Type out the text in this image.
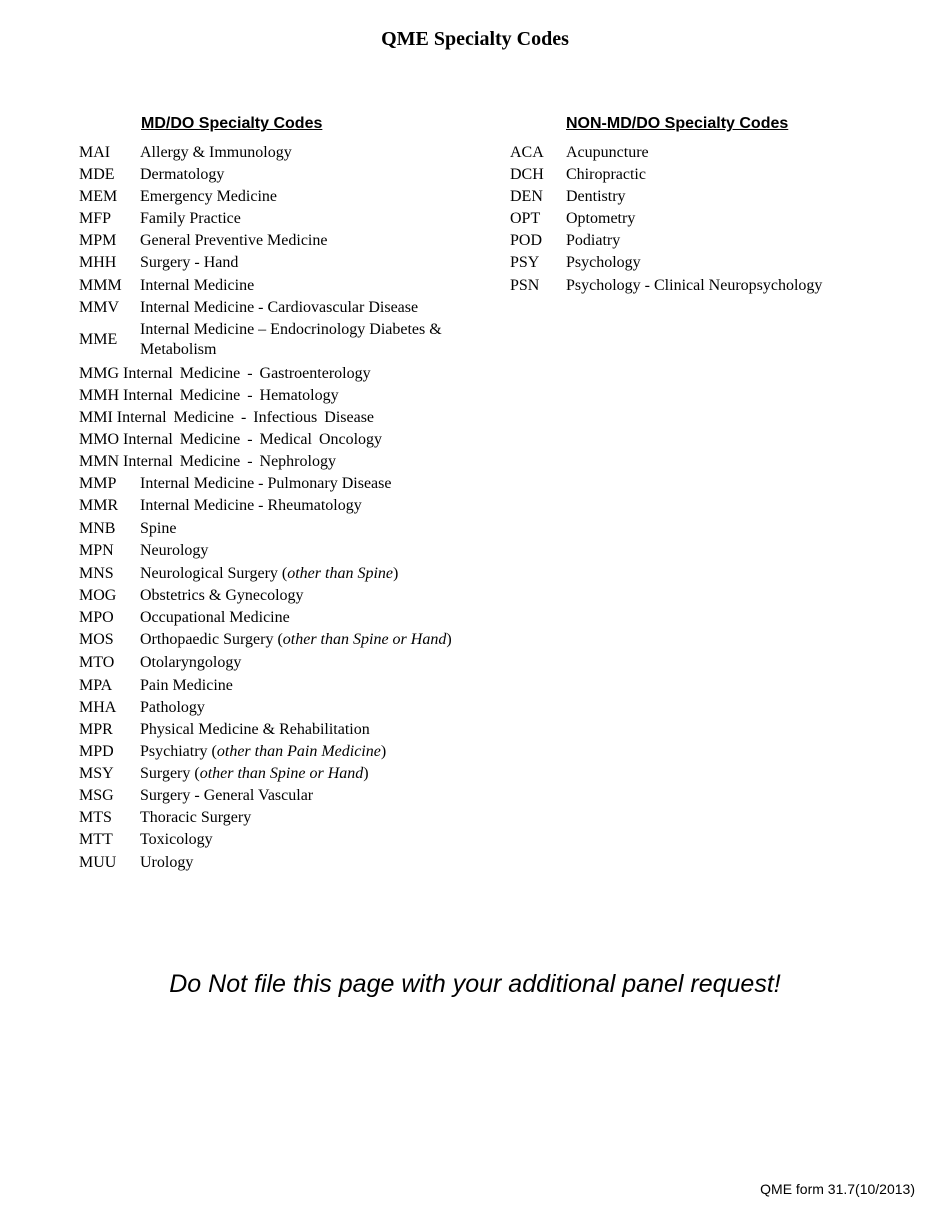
QME Specialty Codes
MD/DO Specialty Codes	NON-MD/DO Specialty Codes
MAI	Allergy & Immunology
MDE	Dermatology
MEM	Emergency Medicine
MFP	Family Practice
MPM	General Preventive Medicine
MHH	Surgery - Hand
MMM	Internal Medicine
MMV	Internal Medicine - Cardiovascular Disease
MME
Internal Medicine – Endocrinology Diabetes & Metabolism
MMG Internal Medicine - Gastroenterology
MMH Internal Medicine - Hematology
MMI Internal Medicine - Infectious Disease
MMO Internal Medicine - Medical Oncology
MMN Internal Medicine - Nephrology
MMP	Internal Medicine - Pulmonary Disease
MMR	Internal Medicine - Rheumatology
MNB	Spine
MPN	Neurology
MNS	Neurological Surgery (other than Spine)
MOG	Obstetrics & Gynecology
MPO	Occupational Medicine
MOS	Orthopaedic Surgery (other than Spine or Hand)
MTO	Otolaryngology
MPA	Pain Medicine
MHA	Pathology
MPR	Physical Medicine & Rehabilitation
MPD	Psychiatry (other than Pain Medicine)
MSY	Surgery (other than Spine or Hand)
MSG	Surgery - General Vascular
MTS	Thoracic Surgery
MTT	Toxicology
MUU	Urology
ACA	Acupuncture
DCH	Chiropractic
DEN	Dentistry
OPT	Optometry
POD	Podiatry
PSY	Psychology
PSN	Psychology - Clinical Neuropsychology
Do Not file this page with your additional panel request!
QME form 31.7(10/2013)
